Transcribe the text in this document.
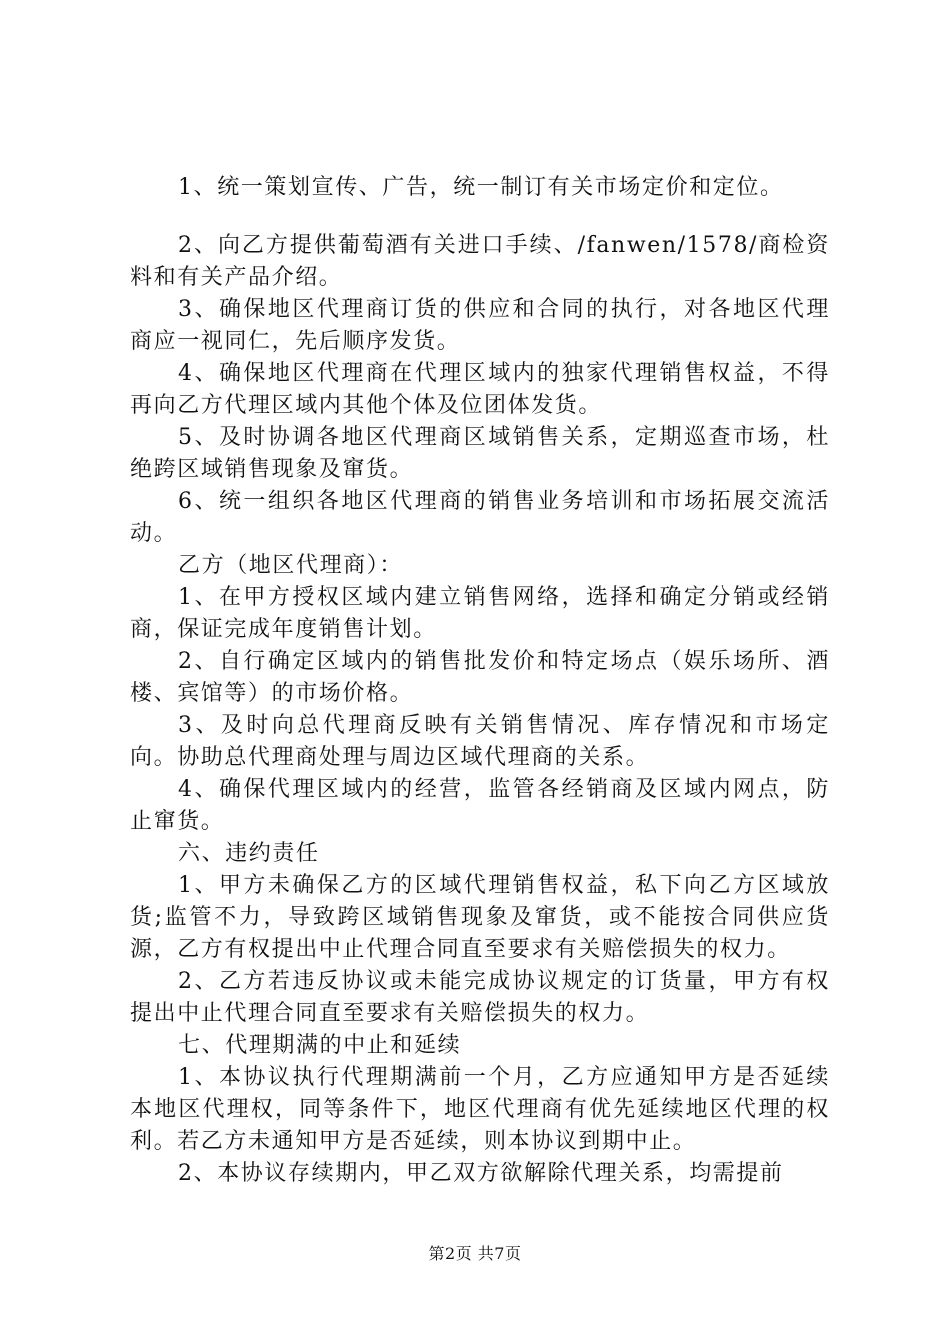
1、统一策划宣传、广告，统一制订有关市场定价和定位。

2、向乙方提供葡萄酒有关进口手续、/fanwen/1578/商检资料和有关产品介绍。

3、确保地区代理商订货的供应和合同的执行，对各地区代理商应一视同仁，先后顺序发货。

4、确保地区代理商在代理区域内的独家代理销售权益，不得再向乙方代理区域内其他个体及位团体发货。

5、及时协调各地区代理商区域销售关系，定期巡查市场，杜绝跨区域销售现象及窜货。

6、统一组织各地区代理商的销售业务培训和市场拓展交流活动。

乙方（地区代理商）：

1、在甲方授权区域内建立销售网络，选择和确定分销或经销商，保证完成年度销售计划。

2、自行确定区域内的销售批发价和特定场点（娱乐场所、酒楼、宾馆等）的市场价格。

3、及时向总代理商反映有关销售情况、库存情况和市场定向。协助总代理商处理与周边区域代理商的关系。

4、确保代理区域内的经营，监管各经销商及区域内网点，防止窜货。

六、违约责任

1、甲方未确保乙方的区域代理销售权益，私下向乙方区域放货;监管不力，导致跨区域销售现象及窜货，或不能按合同供应货源，乙方有权提出中止代理合同直至要求有关赔偿损失的权力。

2、乙方若违反协议或未能完成协议规定的订货量，甲方有权提出中止代理合同直至要求有关赔偿损失的权力。

七、代理期满的中止和延续

1、本协议执行代理期满前一个月，乙方应通知甲方是否延续本地区代理权，同等条件下，地区代理商有优先延续地区代理的权利。若乙方未通知甲方是否延续，则本协议到期中止。

2、本协议存续期内，甲乙双方欲解除代理关系，均需提前

第2页 共7页
